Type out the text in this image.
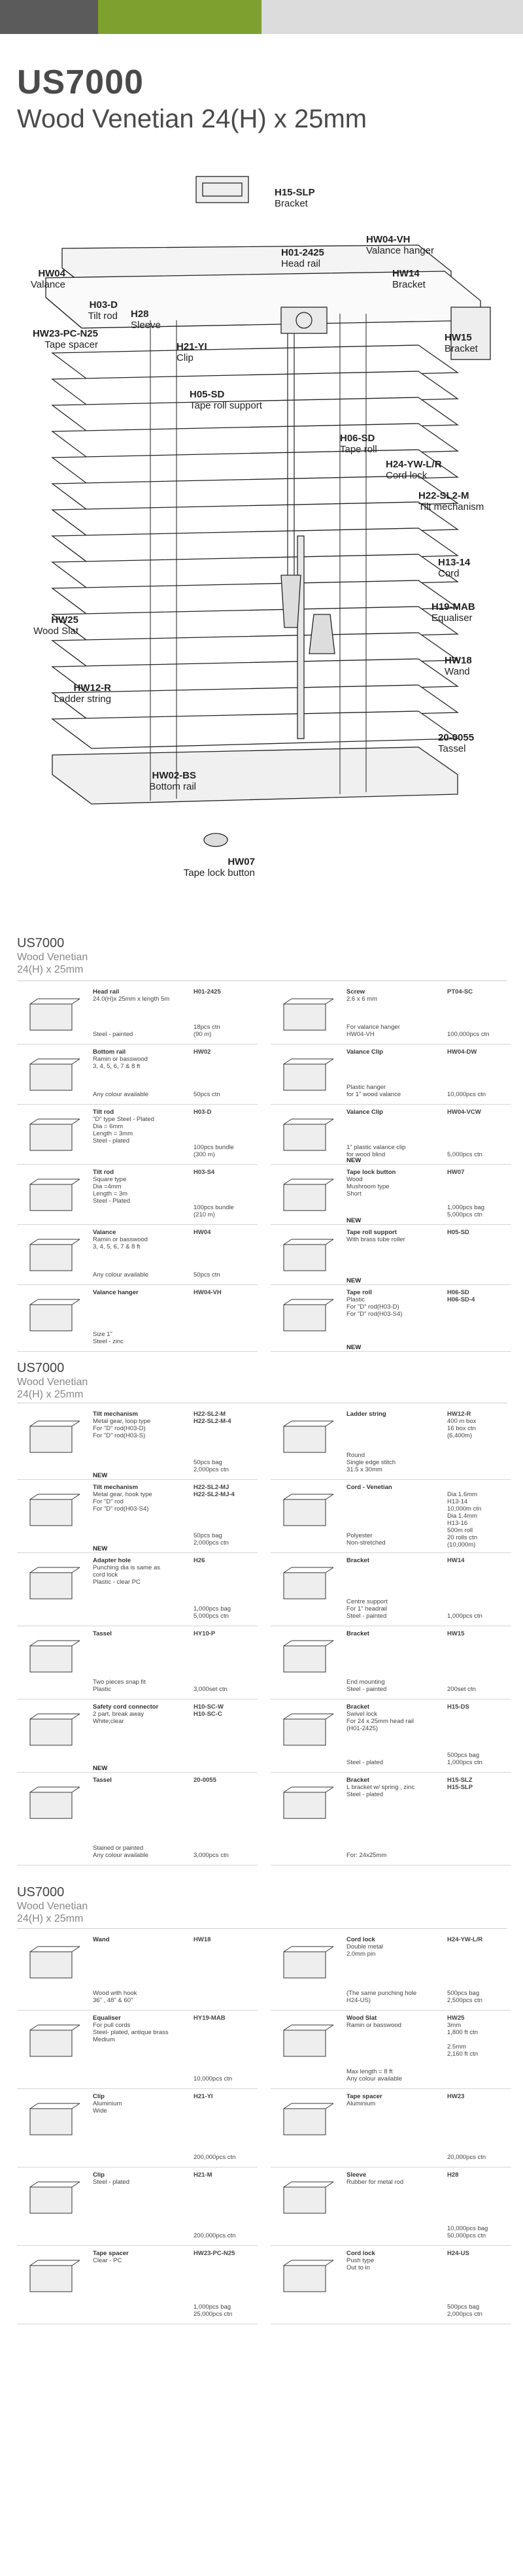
US7000
Wood Venetian 24(H) x 25mm
H15-SLP
Bracket
HW04-VH
Valance hanger
H01-2425
Head rail
HW14
Bracket
HW04
Valance
H03-D
Tilt rod H28
Sleeve
HW23-PC-N25
Tape spacer	H21-YI
Clip
HW15
Bracket
H05-SD
Tape roll support
H06-SD
Tape roll
H24-YW-L/R
Cord lock
H22-SL2-M
Tilt mechanism
H13-14
Cord
HW25
Wood Slat
H19-MAB
Equaliser
HW12-R
Ladder string
HW18
Wand
HW02-BS
Bottom rail
HW07
Tape lock button
20-0055
Tassel
US7000
Wood Venetian
24(H) x 25mm
US7000
Wood Venetian
24(H) x 25mm
US7000
Wood Venetian
24(H) x 25mm
Head rail
24.0(H)x 25mm x length 5m
H01-2425
Steel - painted
18pcs ctn
(90 m)
Screw
2.6 x 6 mm
PT04-SC
For valance hanger
HW04-VH	100,000pcs ctn
Bottom rail
Ramin or basswood
3, 4, 5, 6, 7 & 8 ft
HW02
Any colour available	50pcs ctn
Valance Clip	HW04-DW
Plastic hanger
for 1" wood valance	10,000pcs ctn
Tilt rod
"D" type Steel - Plated
Dia = 6mm
Length = 3mm
Steel - plated
H03-D
100pcs bundle
(300 m)
Valance Clip	HW04-VCW
1" plastic valance clip
for wood blind	5,000pcs ctn
NEW
Tilt rod
Square type
Dia =4mm
Length = 3m
Steel - Plated
H03-S4
100pcs bundle
(210 m)
Tape lock button
Wood
Mushroom type
Short
HW07
1,000pcs bag
5,000pcs ctn
NEW
Valance
Ramin or basswood
3, 4, 5, 6, 7 & 8 ft
HW04
Any colour available	50pcs ctn
Tape roll support
With brass tube roller
H05-SD
NEW
Valance hanger	HW04-VH
Size 1"
Steel - zinc
Tape roll
Plastic
For "D" rod(H03-D)
For "D" rod(H03-S4)
H06-SD
H06-SD-4
NEW
Tilt mechanism
Metal gear, loop type
For "D" rod(H03-D)
For "D" rod(H03-S)
H22-SL2-M
H22-SL2-M-4
50pcs bag
2,000pcs ctn
NEW
Ladder string	HW12-R
Round
Single edge stitch
31.5 x 30mm
400 m box
16 box ctn
(6,400m)
Tilt mechanism
Metal gear, hook type
For "D" rod
For "D" rod(H03-S4)
H22-SL2-MJ
H22-SL2-MJ-4
50pcs bag
2,000pcs ctn
NEW
Cord - Venetian
Polyester
Non-stretched
Dia 1.6mm
H13-14
10,000m ctn
Dia 1.4mm
H13-16
500m roll
20 rolls ctn
(10,000m)
Adapter hole
Punching dia is same as
cord lock
Plastic - clear PC
H26
1,000pcs bag
5,000pcs ctn
Bracket	HW14
Centre support
For 1" headrail
Steel - painted	1,000pcs ctn
Tassel	HY10-P
Two pieces snap fit
Plastic	3,000set ctn
Bracket	HW15
End mounting
Steel - painted	200set ctn
Safety cord connector
2 part, break away
White;clear
H10-SC-W
H10-SC-C
NEW
Bracket
Swivel lock
For 24 x 25mm head rail
(H01-2425)
H15-DS
Steel - plated
500pcs bag
1,000pcs ctn
Tassel	20-0055
Stained or painted
Any colour available	3,000pcs ctn
Bracket
L bracket w/ spring , zinc
Steel - plated
H15-SLZ
H15-SLP
For: 24x25mm
Wand	HW18
Wood with hook
36" , 48" & 60"
Cord lock
Double metal
2.0mm pin
H24-YW-L/R
(The same punching hole
H24-US)
500pcs bag
2,500pcs ctn
Equaliser
For pull cords
Steel- plated, antique brass
Medium
HY19-MAB
10,000pcs ctn
Wood Slat
Ramin or basswood
HW25
Max length = 8 ft
Any colour available
3mm
1,800 ft ctn

2.5mm
2,160 ft ctn
Clip
Aluminium
Wide
H21-YI
200,000pcs ctn
Tape spacer
Aluminium
HW23
20,000pcs ctn
Clip
Steel - plated
H21-M
200,000pcs ctn
Sleeve
Rubber for metal rod
H28
10,000pcs bag
50,000pcs ctn
Tape spacer
Clear - PC
HW23-PC-N25
1,000pcs bag
25,000pcs ctn
Cord lock
Push type
Out to in
H24-US
500pcs bag
2,000pcs ctn
